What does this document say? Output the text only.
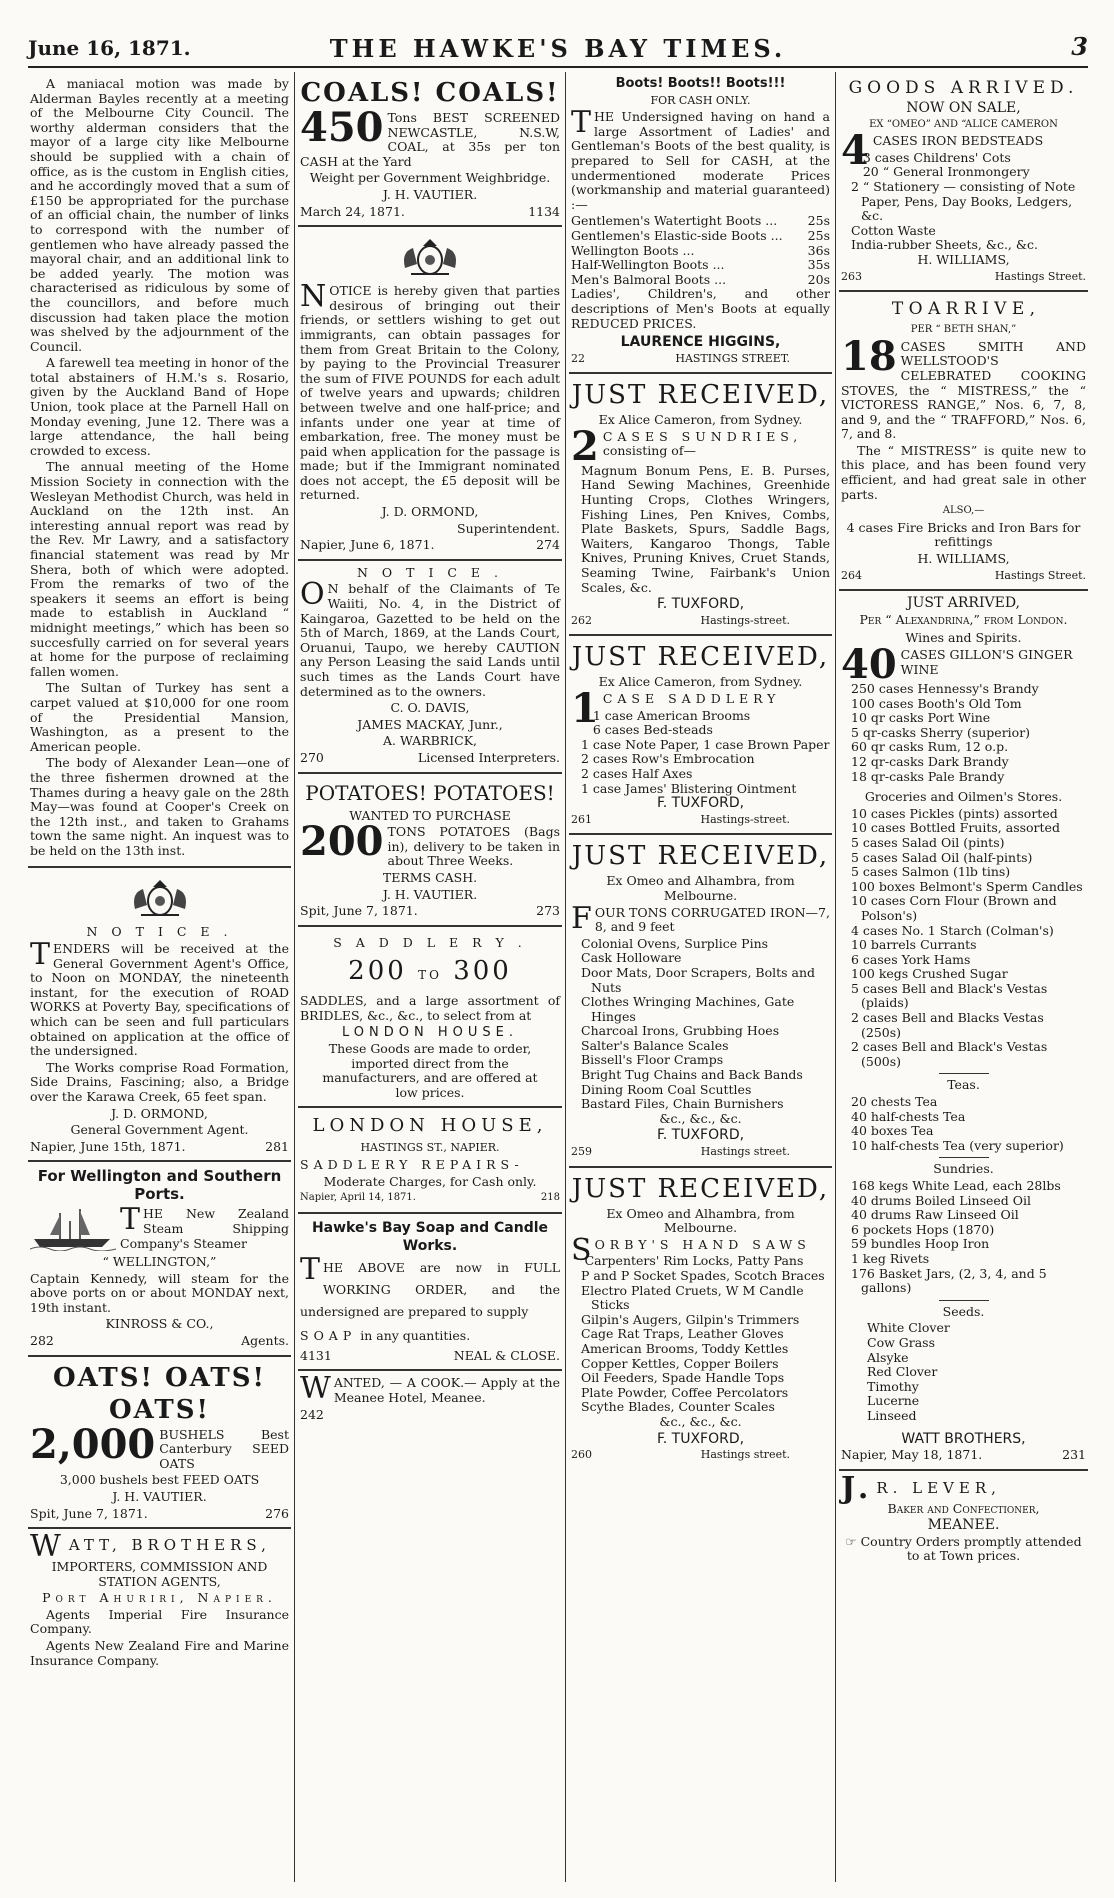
THE HAWKE'S BAY TIMES.
June 16, 1871.	3

A maniacal motion was made by Alderman Bayles recently at a meeting of the Melbourne City Council. The worthy alderman considers that the mayor of a large city like Melbourne should be supplied with a chain of office, as is the custom in English cities, and he accordingly moved that a sum of £150 be appropriated for the purchase of an official chain, the number of links to correspond with the number of gentlemen who have already passed the mayoral chair, and an additional link to be added yearly. The motion was characterised as ridiculous by some of the councillors, and before much discussion had taken place the motion was shelved by the adjournment of the Council.

A farewell tea meeting in honor of the total abstainers of H.M.'s s. Rosario, given by the Auckland Band of Hope Union, took place at the Parnell Hall on Monday evening, June 12. There was a large attendance, the hall being crowded to excess.

The annual meeting of the Home Mission Society in connection with the Wesleyan Methodist Church, was held in Auckland on the 12th inst. An interesting annual report was read by the Rev. Mr Lawry, and a satisfactory financial statement was read by Mr Shera, both of which were adopted. From the remarks of two of the speakers it seems an effort is being made to establish in Auckland “ midnight meetings,” which has been so succesfully carried on for several years at home for the purpose of reclaiming fallen women.

The Sultan of Turkey has sent a carpet valued at $10,000 for one room of the Presidential Mansion, Washington, as a present to the American people.

The body of Alexander Lean—one of the three fishermen drowned at the Thames during a heavy gale on the 28th May—was found at Cooper's Creek on the 12th inst., and taken to Grahams town the same night. An inquest was to be held on the 13th inst.

N O T I C E .

TENDERS will be received at the General Government Agent's Office, to Noon on MONDAY, the nineteenth instant, for the execution of ROAD WORKS at Poverty Bay, specifications of which can be seen and full particulars obtained on application at the office of the undersigned.

The Works comprise Road Formation, Side Drains, Fascining; also, a Bridge over the Karawa Creek, 65 feet span.

J. D. ORMOND,

General Government Agent.

Napier, June 15th, 1871.	281

For Wellington and Southern Ports.

THE New Zealand Steam Shipping Company's Steamer

“ WELLINGTON,”

Captain Kennedy, will steam for the above ports on or about MONDAY next, 19th instant.

KINROSS & CO.,

282	Agents.

OATS! OATS! OATS!

2,000 BUSHELS Best Canterbury SEED OATS

3,000 bushels best FEED OATS

J. H. VAUTIER.

Spit, June 7, 1871.	276

WATT, BROTHERS,

IMPORTERS, COMMISSION AND STATION AGENTS,

Port Ahuriri, Napier.

Agents Imperial Fire Insurance Company.

Agents New Zealand Fire and Marine Insurance Company.

COALS! COALS!

450 Tons BEST SCREENED NEWCASTLE, N.S.W, COAL, at 35s per ton CASH at the Yard

Weight per Government Weighbridge.

J. H. VAUTIER.

March 24, 1871.	1134

NOTICE is hereby given that parties desirous of bringing out their friends, or settlers wishing to get out immigrants, can obtain passages for them from Great Britain to the Colony, by paying to the Provincial Treasurer the sum of FIVE POUNDS for each adult of twelve years and upwards; children between twelve and one half-price; and infants under one year at time of embarkation, free. The money must be paid when application for the passage is made; but if the Immigrant nominated does not accept, the £5 deposit will be returned.

J. D. ORMOND,

Superintendent.

Napier, June 6, 1871.	274

N O T I C E .

O N behalf of the Claimants of Te Waiiti, No. 4, in the District of Kaingaroa, Gazetted to be held on the 5th of March, 1869, at the Lands Court, Oruanui, Taupo, we hereby CAUTION any Person Leasing the said Lands until such times as the Lands Court have determined as to the owners.

C. O. DAVIS,

JAMES MACKAY, Junr.,

A. WARBRICK,

270	Licensed Interpreters.

POTATOES! POTATOES!

WANTED TO PURCHASE

200 TONS POTATOES (Bags in), delivery to be taken in about Three Weeks.

TERMS CASH.

J. H. VAUTIER.

Spit, June 7, 1871.	273

S A D D L E R Y .

200 TO 300

SADDLES, and a large assortment of BRIDLES, &c., &c., to select from at

LONDON HOUSE.

These Goods are made to order, imported direct from the manufacturers, and are offered at low prices.

LONDON HOUSE,

HASTINGS ST., NAPIER.

SADDLERY REPAIRS-

Moderate Charges, for Cash only.

Napier, April 14, 1871.	218

Hawke's Bay Soap and Candle Works.

THE ABOVE are now in FULL WORKING ORDER, and the undersigned are prepared to supply

SOAP in any quantities.

4131	NEAL & CLOSE.

WANTED, — A COOK.— Apply at the Meanee Hotel, Meanee.

242

Boots! Boots!! Boots!!!

FOR CASH ONLY.

THE Undersigned having on hand a large Assortment of Ladies' and Gentleman's Boots of the best quality, is prepared to Sell for CASH, at the undermentioned moderate Prices (workmanship and material guaranteed) :—

Gentlemen's Watertight Boots ... 25s
Gentlemen's Elastic-side Boots ... 25s
Wellington Boots ...	36s
Half-Wellington Boots ...	35s
Men's Balmoral Boots ...	20s

Ladies', Children's, and other descriptions of Men's Boots at equally REDUCED PRICES.

LAURENCE HIGGINS,

22	HASTINGS STREET.

JUST RECEIVED,

Ex Alice Cameron, from Sydney.

2 CASES SUNDRIES,
consisting of—

Magnum Bonum Pens, E. B. Purses, Hand Sewing Machines, Greenhide Hunting Crops, Clothes Wringers, Fishing Lines, Pen Knives, Combs, Plate Baskets, Spurs, Saddle Bags, Waiters, Kangaroo Thongs, Table Knives, Pruning Knives, Cruet Stands, Seaming Twine, Fairbank's Union Scales, &c.

F. TUXFORD,

262	Hastings-street.

JUST RECEIVED,

Ex Alice Cameron, from Sydney.

1 CASE SADDLERY

1 case American Brooms

6 cases Bed-steads

1 case Note Paper, 1 case Brown Paper

2 cases Row's Embrocation

2 cases Half Axes

1 case James' Blistering Ointment

F. TUXFORD,

261	Hastings-street.

JUST RECEIVED,

Ex Omeo and Alhambra, from Melbourne.

FOUR TONS CORRUGATED IRON—7, 8, and 9 feet

Colonial Ovens, Surplice Pins

Cask Holloware

Door Mats, Door Scrapers, Bolts and Nuts

Clothes Wringing Machines, Gate Hinges

Charcoal Irons, Grubbing Hoes

Salter's Balance Scales

Bissell's Floor Cramps

Bright Tug Chains and Back Bands

Dining Room Coal Scuttles

Bastard Files, Chain Burnishers

&c., &c., &c.

F. TUXFORD,

259	Hastings street.

JUST RECEIVED,

Ex Omeo and Alhambra, from Melbourne.

SORBY'S HAND SAWS

Carpenters' Rim Locks, Patty Pans

P and P Socket Spades, Scotch Braces

Electro Plated Cruets, W M Candle Sticks

Gilpin's Augers, Gilpin's Trimmers

Cage Rat Traps, Leather Gloves

American Brooms, Toddy Kettles

Copper Kettles, Copper Boilers

Oil Feeders, Spade Handle Tops

Plate Powder, Coffee Percolators

Scythe Blades, Counter Scales

&c., &c., &c.

F. TUXFORD,

260	Hastings street.

GOODS ARRIVED.

NOW ON SALE,

EX “OMEO” AND “ALICE CAMERON

4 CASES IRON BEDSTEADS

3 cases Childrens' Cots

20 “ General Ironmongery

2 “ Stationery — consisting of Note Paper, Pens, Day Books, Ledgers, &c.

Cotton Waste

India-rubber Sheets, &c., &c.

H. WILLIAMS,

263	Hastings Street.

T O A R R I V E ,

PER “ BETH SHAN,”

18 CASES SMITH AND WELLSTOOD'S CELEBRATED COOKING STOVES, the “ MISTRESS,” the “ VICTORESS RANGE,” Nos. 6, 7, 8, and 9, and the “ TRAFFORD,” Nos. 6, 7, and 8.

The “ MISTRESS” is quite new to this place, and has been found very efficient, and had great sale in other parts.

ALSO,—

4 cases Fire Bricks and Iron Bars for refittings

H. WILLIAMS,

264	Hastings Street.

JUST ARRIVED,

Per “ Alexandrina,” from London.

Wines and Spirits.

40 CASES GILLON'S GINGER WINE

250 cases Hennessy's Brandy

100 cases Booth's Old Tom

10 qr casks Port Wine

5 qr-casks Sherry (superior)

60 qr casks Rum, 12 o.p.

12 qr-casks Dark Brandy

18 qr-casks Pale Brandy

Groceries and Oilmen's Stores.

10 cases Pickles (pints) assorted

10 cases Bottled Fruits, assorted

5 cases Salad Oil (pints)

5 cases Salad Oil (half-pints)

5 cases Salmon (1lb tins)

100 boxes Belmont's Sperm Candles

10 cases Corn Flour (Brown and Polson's)

4 cases No. 1 Starch (Colman's)

10 barrels Currants

6 cases York Hams

100 kegs Crushed Sugar

5 cases Bell and Black's Vestas (plaids)

2 cases Bell and Blacks Vestas (250s)

2 cases Bell and Black's Vestas (500s)

Teas.

20 chests Tea

40 half-chests Tea

40 boxes Tea

10 half-chests Tea (very superior)

Sundries.

168 kegs White Lead, each 28lbs

40 drums Boiled Linseed Oil

40 drums Raw Linseed Oil

6 pockets Hops (1870)

59 bundles Hoop Iron

1 keg Rivets

176 Basket Jars, (2, 3, 4, and 5 gallons)

Seeds.

White Clover

Cow Grass

Alsyke

Red Clover

Timothy

Lucerne

Linseed

WATT BROTHERS,

Napier, May 18, 1871.	231

J. R. LEVER,

Baker and Confectioner,

MEANEE.

☞ Country Orders promptly attended to at Town prices.
